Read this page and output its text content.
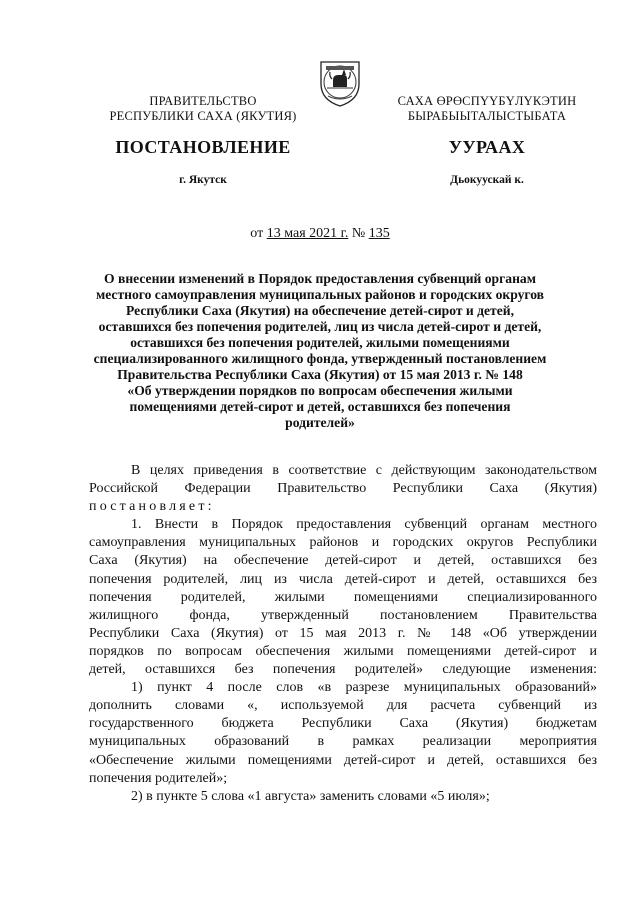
ПРАВИТЕЛЬСТВО
РЕСПУБЛИКИ САХА (ЯКУТИЯ)
САХА ӨРӨСПҮҮБҮЛҮКЭТИН
БЫРАБЫЫТАЛЫСТЫБАТА
ПОСТАНОВЛЕНИЕ	УУРААХ
г. Якутск	Дьокуускай к.
от 13 мая 2021 г. № 135
О внесении изменений в Порядок предоставления субвенций органам
местного самоуправления муниципальных районов и городских округов
Республики Саха (Якутия) на обеспечение детей-сирот и детей,
оставшихся без попечения родителей, лиц из числа детей-сирот и детей,
оставшихся без попечения родителей, жилыми помещениями
специализированного жилищного фонда, утвержденный постановлением
Правительства Республики Саха (Якутия) от 15 мая 2013 г. № 148
«Об утверждении порядков по вопросам обеспечения жилыми
помещениями детей-сирот и детей, оставшихся без попечения
родителей»
В целях приведения в соответствие с действующим законодательством
Российской Федерации Правительство Республики Саха (Якутия)
постановляет:
1. Внести в Порядок предоставления субвенций органам местного
самоуправления муниципальных районов и городских округов Республики
Саха (Якутия) на обеспечение детей-сирот и детей, оставшихся без
попечения родителей, лиц из числа детей-сирот и детей, оставшихся без
попечения родителей, жилыми помещениями специализированного
жилищного фонда, утвержденный постановлением Правительства
Республики Саха (Якутия) от 15 мая 2013 г. № 148 «Об утверждении
порядков по вопросам обеспечения жилыми помещениями детей-сирот и
детей, оставшихся без попечения родителей» следующие изменения:
1) пункт 4 после слов «в разрезе муниципальных образований»
дополнить словами «, используемой для расчета субвенций из
государственного бюджета Республики Саха (Якутия) бюджетам
муниципальных образований в рамках реализации мероприятия
«Обеспечение жилыми помещениями детей-сирот и детей, оставшихся без
попечения родителей»;
2) в пункте 5 слова «1 августа» заменить словами «5 июля»;
